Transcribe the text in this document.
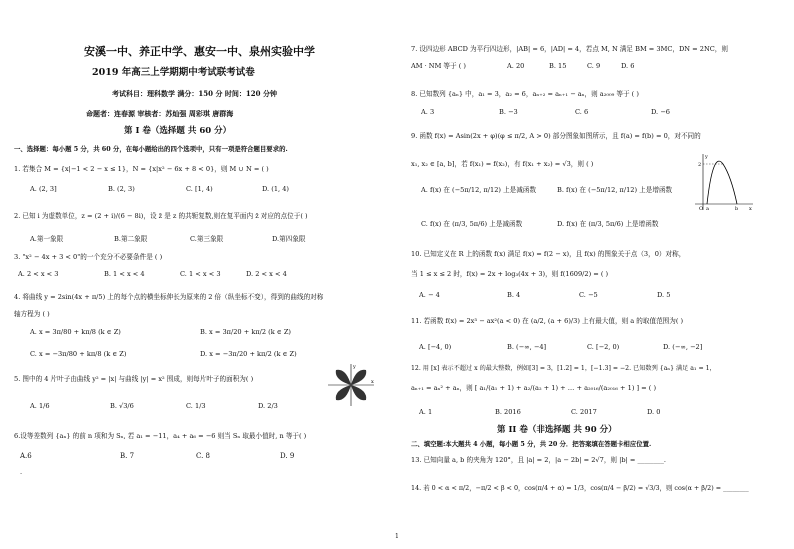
安溪一中、养正中学、惠安一中、泉州实验中学
2019 年高三上学期期中考试联考试卷
考试科目：理科数学 满分：150 分 时间：120 分钟
命题者：连春源 审核者：苏灿强 周彩琪 唐群海
第 I 卷（选择题 共 60 分）
一、选择题：每小题 5 分，共 60 分，在每小题给出的四个选项中，只有一项是符合题目要求的.
1. 若集合 M = {x|−1 < 2 − x ≤ 1}，N = {x|x² − 6x + 8 < 0}，则 M ∪ N = ( )
A. (2, 3]	B. (2, 3)	C. [1, 4)	D. (1, 4)
2. 已知 i 为虚数单位，z = (2 + i)/(6 − 8i)，设 z̄ 是 z 的共轭复数,则在复平面内 z̄ 对应的点位于( )
A.第一象限	B.第二象限	C.第三象限	D.第四象限
3. "x² − 4x + 3 < 0"的一个充分不必要条件是 ( )
A. 2 < x < 3	B. 1 < x < 4	C. 1 < x < 3	D. 2 < x < 4
4. 将曲线 y = 2sin(4x + π/5) 上的每个点的横坐标伸长为原来的 2 倍（纵坐标不变），得到的曲线的对称
轴方程为 ( )
A. x = 3π/80 + kπ/8 (k ∈ Z)	B. x = 3π/20 + kπ/2 (k ∈ Z)
C. x = −3π/80 + kπ/8 (k ∈ Z)	D. x = −3π/20 + kπ/2 (k ∈ Z)
5. 图中的 4 片叶子由曲线 y² = |x| 与曲线 |y| = x² 围成，则每片叶子的面积为( )	x
y
A. 1/6	B. √3/6	C. 1/3	D. 2/3
6.设等差数列 {aₙ} 的前 n 项和为 Sₙ, 若 a₁ = −11，a₄ + a₆ = −6 则当 Sₙ 取最小值时, n 等于( )
A.6	B. 7	C. 8	D. 9
.
7. 设四边形 ABCD 为平行四边形，|AB| = 6，|AD| = 4，若点 M, N 满足 BM = 3MC，DN = 2NC，则
AM · NM 等于 ( )	A. 20	B. 15	C. 9	D. 6
8. 已知数列 {aₙ} 中，a₁ = 3，a₂ = 6，aₙ₊₂ = aₙ₊₁ − aₙ，则 a₂₀₀₉ 等于 ( )
A. 3	B. −3	C. 6	D. −6
9. 函数 f(x) = Asin(2x + φ)(φ ≤ π/2, A > 0) 部分图象如图所示，且 f(a) = f(b) = 0，对不同的
x₁, x₂ ∈ [a, b]，若 f(x₁) = f(x₂)，有 f(x₁ + x₂) = √3，则 ( )
y
2
O a	b x
A. f(x) 在 (−5π/12, π/12) 上是减函数	B. f(x) 在 (−5π/12, π/12) 上是增函数
C. f(x) 在 (π/3, 5π/6) 上是减函数	D. f(x) 在 (π/3, 5π/6) 上是增函数
10. 已知定义在 R 上的函数 f(x) 满足 f(x) = f(2 − x)，且 f(x) 的图象关于点（3，0）对称，
当 1 ≤ x ≤ 2 时，f(x) = 2x + log₃(4x + 3)，则 f(1609/2) = ( )
A. − 4	B. 4	C. −5	D. 5
11. 若函数 f(x) = 2x³ − ax²(a < 0) 在 (a/2, (a + 6)/3) 上有最大值，则 a 的取值范围为( )
A. [−4, 0)	B. (−∞, −4]	C. [−2, 0)	D. (−∞, −2]
12. 用 [x] 表示不超过 x 的最大整数，例如[3] = 3，[1.2] = 1，[−1.3] = −2. 已知数列 {aₙ} 满足 a₁ = 1，
aₙ₊₁ = aₙ² + aₙ，则 [ a₁/(a₁ + 1) + a₂/(a₂ + 1) + … + a₂₀₁₆/(a₂₀₁₆ + 1) ] = ( )
A. 1	B. 2016	C. 2017	D. 0
第 II 卷（非选择题 共 90 分）
二、填空题:本大题共 4 小题，每小题 5 分，共 20 分．把答案填在答题卡相应位置.
13. 已知向量 a, b 的夹角为 120°，且 |a| = 2，|a − 2b| = 2√7，则 |b| = ________.
14. 若 0 < α < π/2，−π/2 < β < 0，cos(π/4 + α) = 1/3，cos(π/4 − β/2) = √3/3，则 cos(α + β/2) = ________
1
